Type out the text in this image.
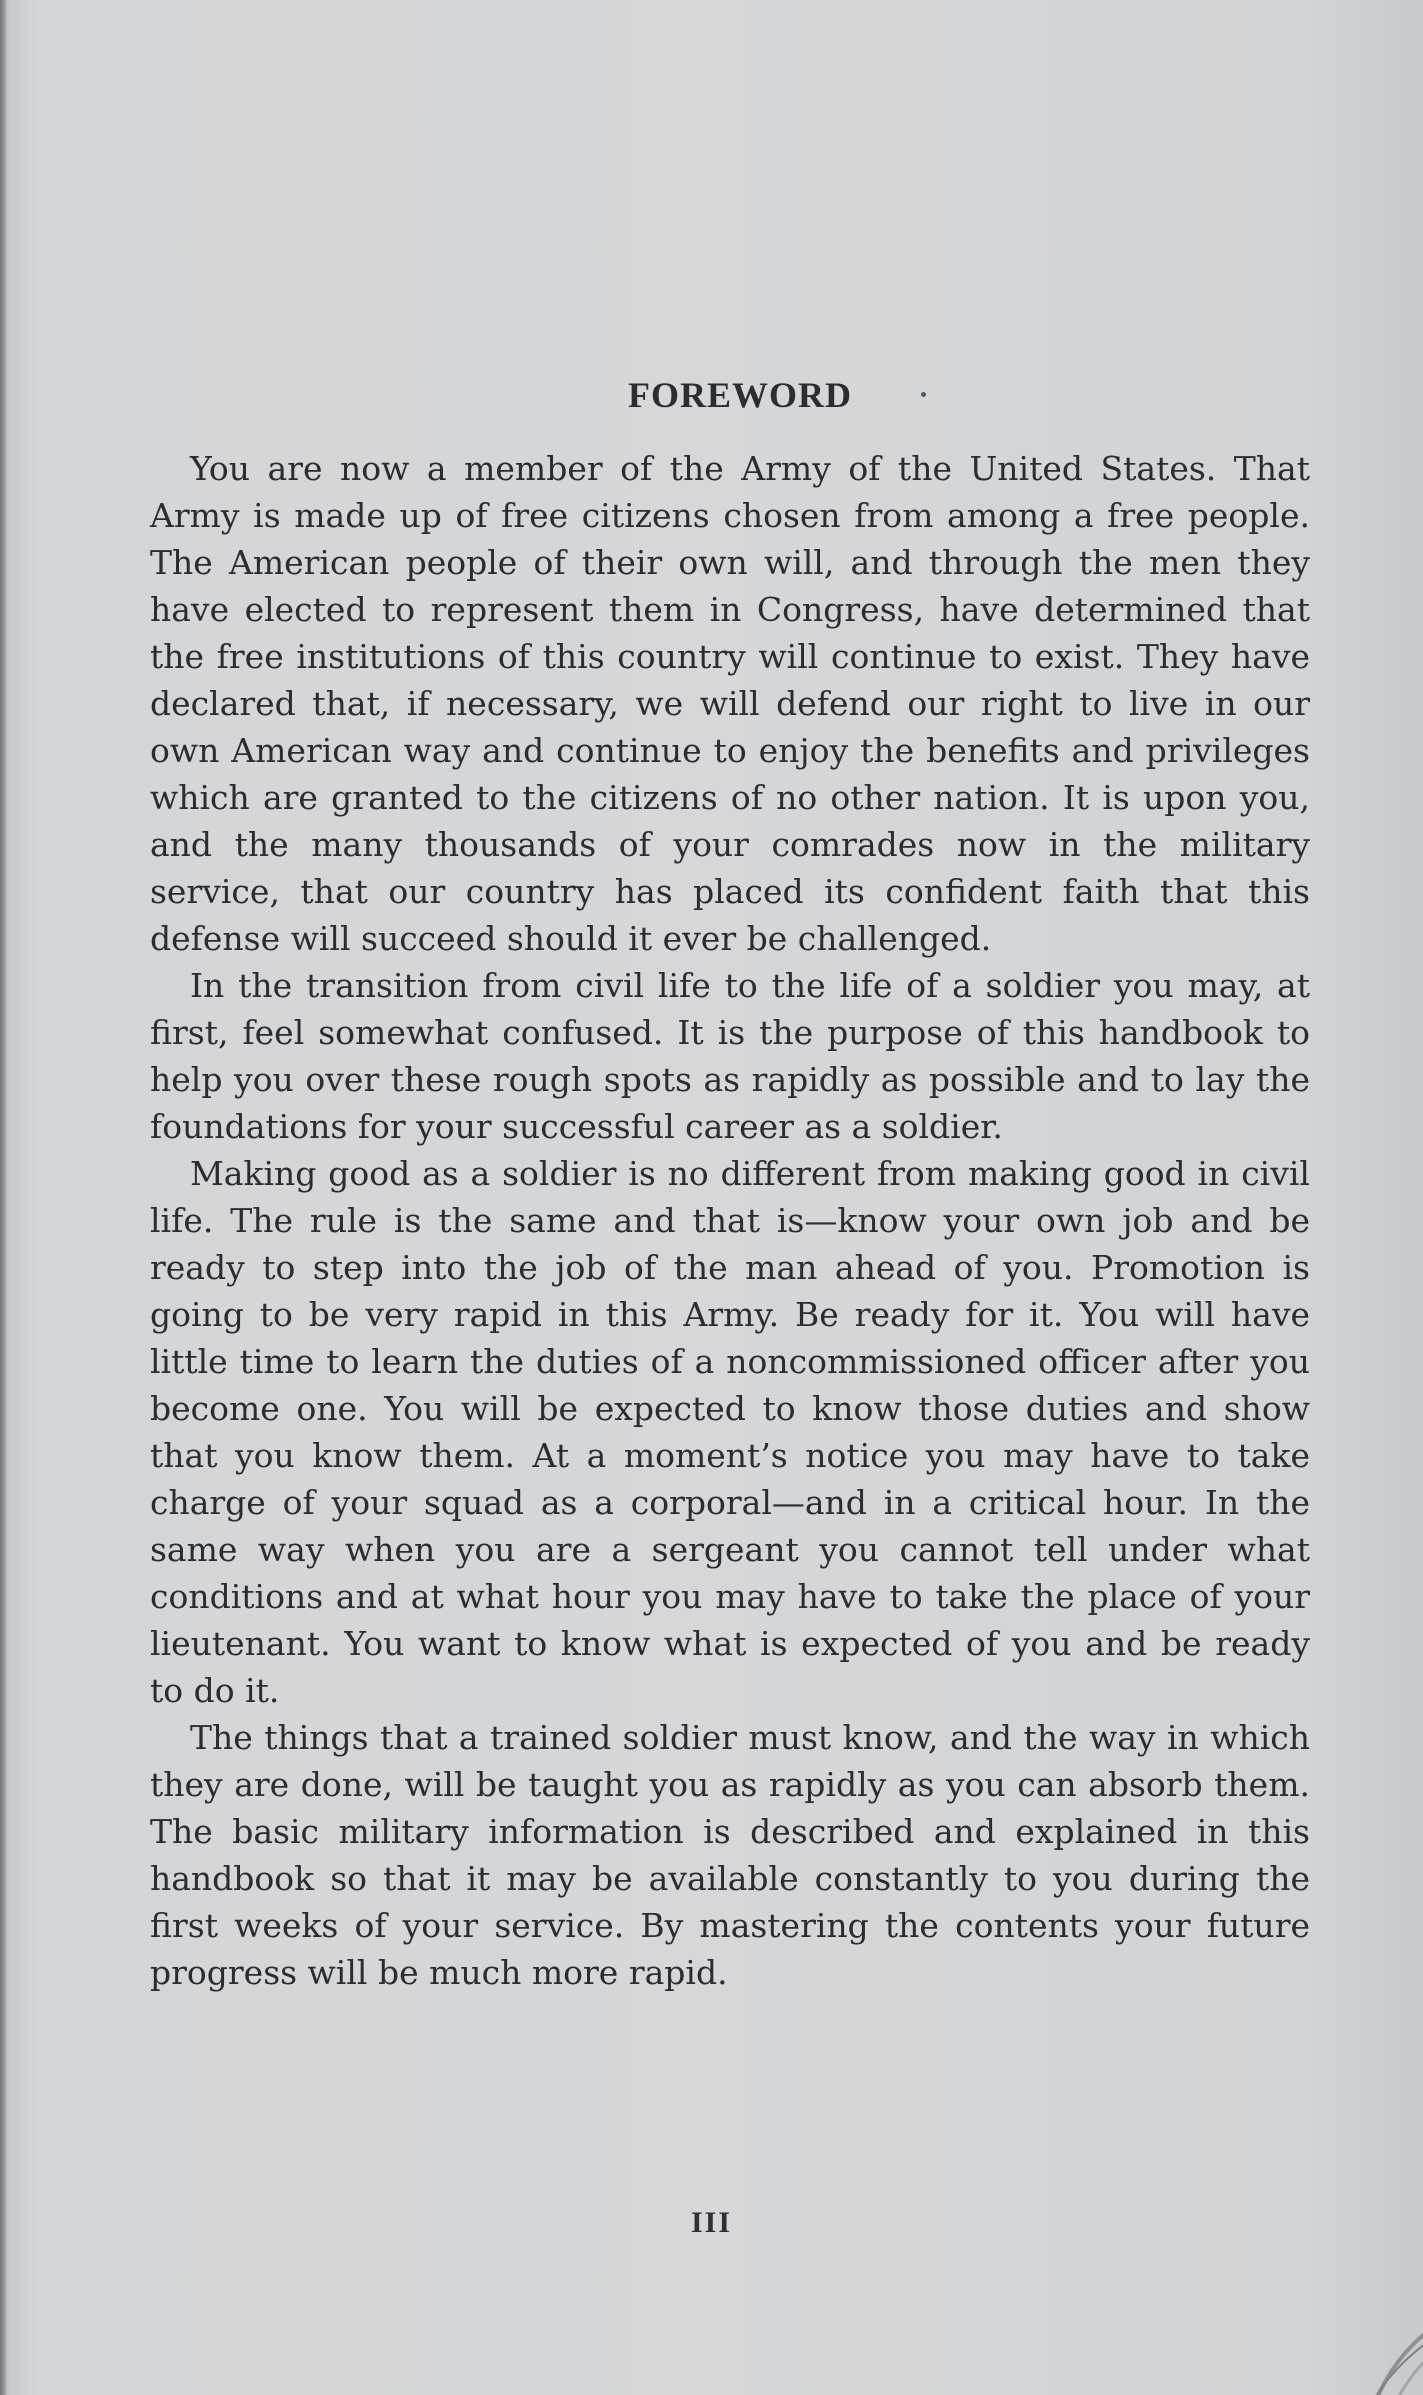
FOREWORD

You are now a member of the Army of the United States. That Army is made up of free citizens chosen from among a free people. The American people of their own will, and through the men they have elected to represent them in Congress, have determined that the free institutions of this country will continue to exist. They have declared that, if necessary, we will defend our right to live in our own American way and continue to enjoy the benefits and privileges which are granted to the citizens of no other nation. It is upon you, and the many thousands of your comrades now in the military service, that our country has placed its confident faith that this defense will succeed should it ever be challenged.

In the transition from civil life to the life of a soldier you may, at first, feel somewhat confused. It is the purpose of this handbook to help you over these rough spots as rapidly as possible and to lay the foundations for your successful career as a soldier.

Making good as a soldier is no different from making good in civil life. The rule is the same and that is—know your own job and be ready to step into the job of the man ahead of you. Promotion is going to be very rapid in this Army. Be ready for it. You will have little time to learn the duties of a noncommissioned officer after you become one. You will be expected to know those duties and show that you know them. At a moment’s notice you may have to take charge of your squad as a corporal—and in a critical hour. In the same way when you are a sergeant you cannot tell under what conditions and at what hour you may have to take the place of your lieutenant. You want to know what is expected of you and be ready to do it.

The things that a trained soldier must know, and the way in which they are done, will be taught you as rapidly as you can absorb them. The basic military information is described and explained in this handbook so that it may be available constantly to you during the first weeks of your service. By mastering the contents your future progress will be much more rapid.

III
